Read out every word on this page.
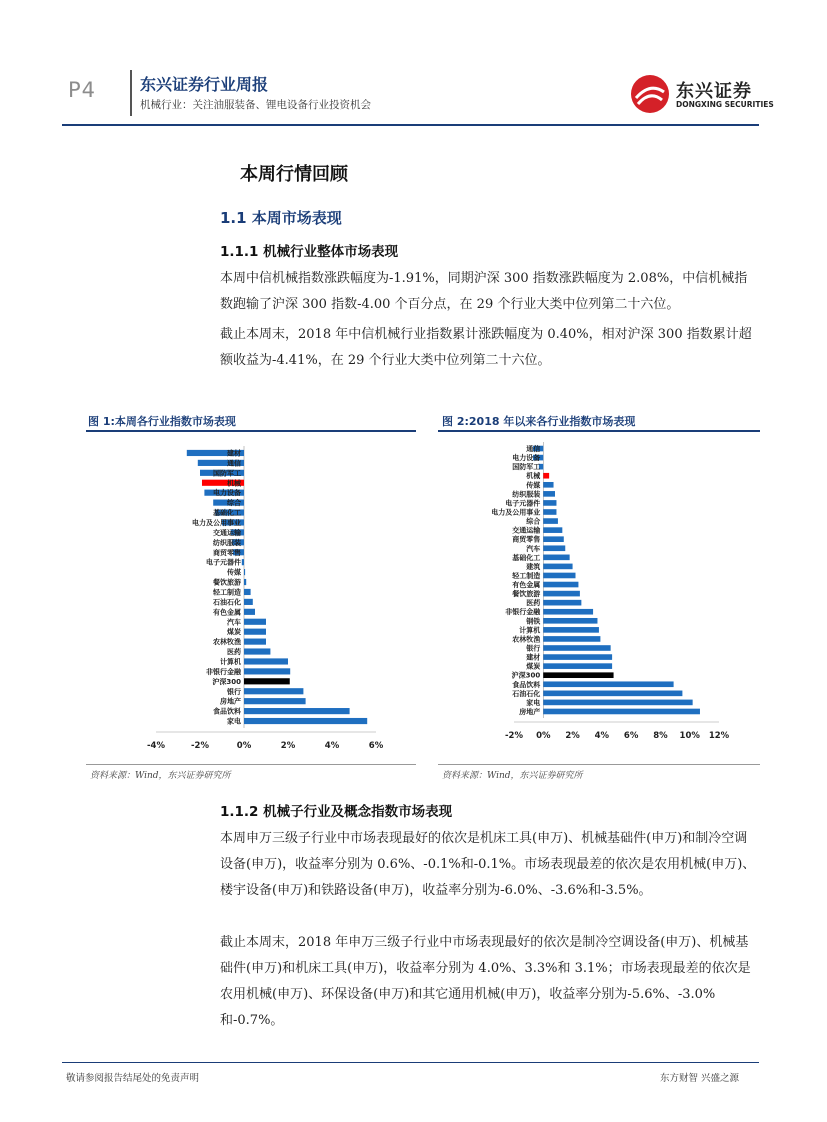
P4	东兴证券行业周报
机械行业：关注油服装备、锂电设备行业投资机会
东兴证券
DONGXING SECURITIES
本周行情回顾
1.1 本周市场表现
1.1.1 机械行业整体市场表现
本周中信机械指数涨跌幅度为-1.91%，同期沪深 300 指数涨跌幅度为 2.08%，中信机械指数跑输了沪深 300 指数-4.00 个百分点，在 29 个行业大类中位列第二十六位。
截止本周末，2018 年中信机械行业指数累计涨跌幅度为 0.40%，相对沪深 300 指数累计超额收益为-4.41%，在 29 个行业大类中位列第二十六位。
图 1:本周各行业指数市场表现
建材
通信
国防军工
机械
电力设备
综合
基础化工
电力及公用事业
交通运输
纺织服装
商贸零售
电子元器件
传媒
餐饮旅游
轻工制造
石油石化
有色金属
汽车
煤炭
农林牧渔
医药
计算机
非银行金融
沪深300
银行
房地产
食品饮料
家电
-4%	-2%	0%	2%	4%	6%
资料来源：Wind，东兴证券研究所
图 2:2018 年以来各行业指数市场表现
通信
电力设备
国防军工
机械
传媒
纺织服装
电子元器件
电力及公用事业
综合
交通运输
商贸零售
汽车
基础化工
建筑
轻工制造
有色金属
餐饮旅游
医药
非银行金融
钢铁
计算机
农林牧渔
银行
建材
煤炭
沪深300
食品饮料
石油石化
家电
房地产
-2% 0% 2% 4% 6% 8% 10% 12%
资料来源：Wind，东兴证券研究所
1.1.2 机械子行业及概念指数市场表现
本周申万三级子行业中市场表现最好的依次是机床工具(申万)、机械基础件(申万)和制冷空调设备(申万)，收益率分别为 0.6%、-0.1%和-0.1%。市场表现最差的依次是农用机械(申万)、楼宇设备(申万)和铁路设备(申万)，收益率分别为-6.0%、-3.6%和-3.5%。
截止本周末，2018 年申万三级子行业中市场表现最好的依次是制冷空调设备(申万)、机械基础件(申万)和机床工具(申万)，收益率分别为 4.0%、3.3%和 3.1%；市场表现最差的依次是农用机械(申万)、环保设备(申万)和其它通用机械(申万)，收益率分别为-5.6%、-3.0%和-0.7%。
敬请参阅报告结尾处的免责声明	东方财智 兴盛之源
